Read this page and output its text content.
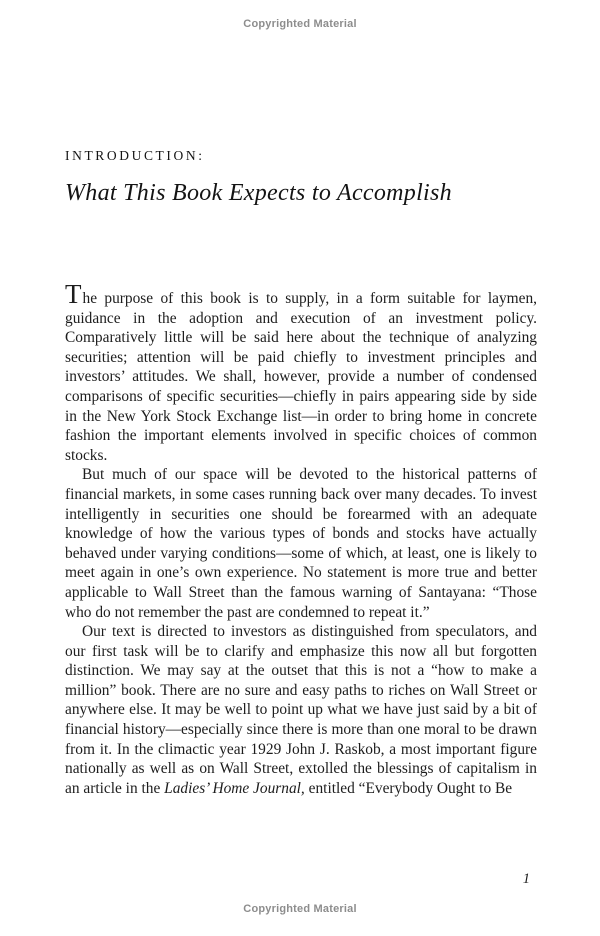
Copyrighted Material
INTRODUCTION:
What This Book Expects to Accomplish

The purpose of this book is to supply, in a form suitable for laymen, guidance in the adoption and execution of an investment policy. Comparatively little will be said here about the technique of analyzing securities; attention will be paid chiefly to investment principles and investors’ attitudes. We shall, however, provide a number of condensed comparisons of specific securities—chiefly in pairs appearing side by side in the New York Stock Exchange list—in order to bring home in concrete fashion the important elements involved in specific choices of common stocks.

But much of our space will be devoted to the historical patterns of financial markets, in some cases running back over many decades. To invest intelligently in securities one should be forearmed with an adequate knowledge of how the various types of bonds and stocks have actually behaved under varying conditions—some of which, at least, one is likely to meet again in one’s own experience. No statement is more true and better applicable to Wall Street than the famous warning of Santayana: “Those who do not remember the past are condemned to repeat it.”

Our text is directed to investors as distinguished from speculators, and our first task will be to clarify and emphasize this now all but forgotten distinction. We may say at the outset that this is not a “how to make a million” book. There are no sure and easy paths to riches on Wall Street or anywhere else. It may be well to point up what we have just said by a bit of financial history—especially since there is more than one moral to be drawn from it. In the climactic year 1929 John J. Raskob, a most important figure nationally as well as on Wall Street, extolled the blessings of capitalism in an article in the Ladies’ Home Journal, entitled “Everybody Ought to Be

1
Copyrighted Material
